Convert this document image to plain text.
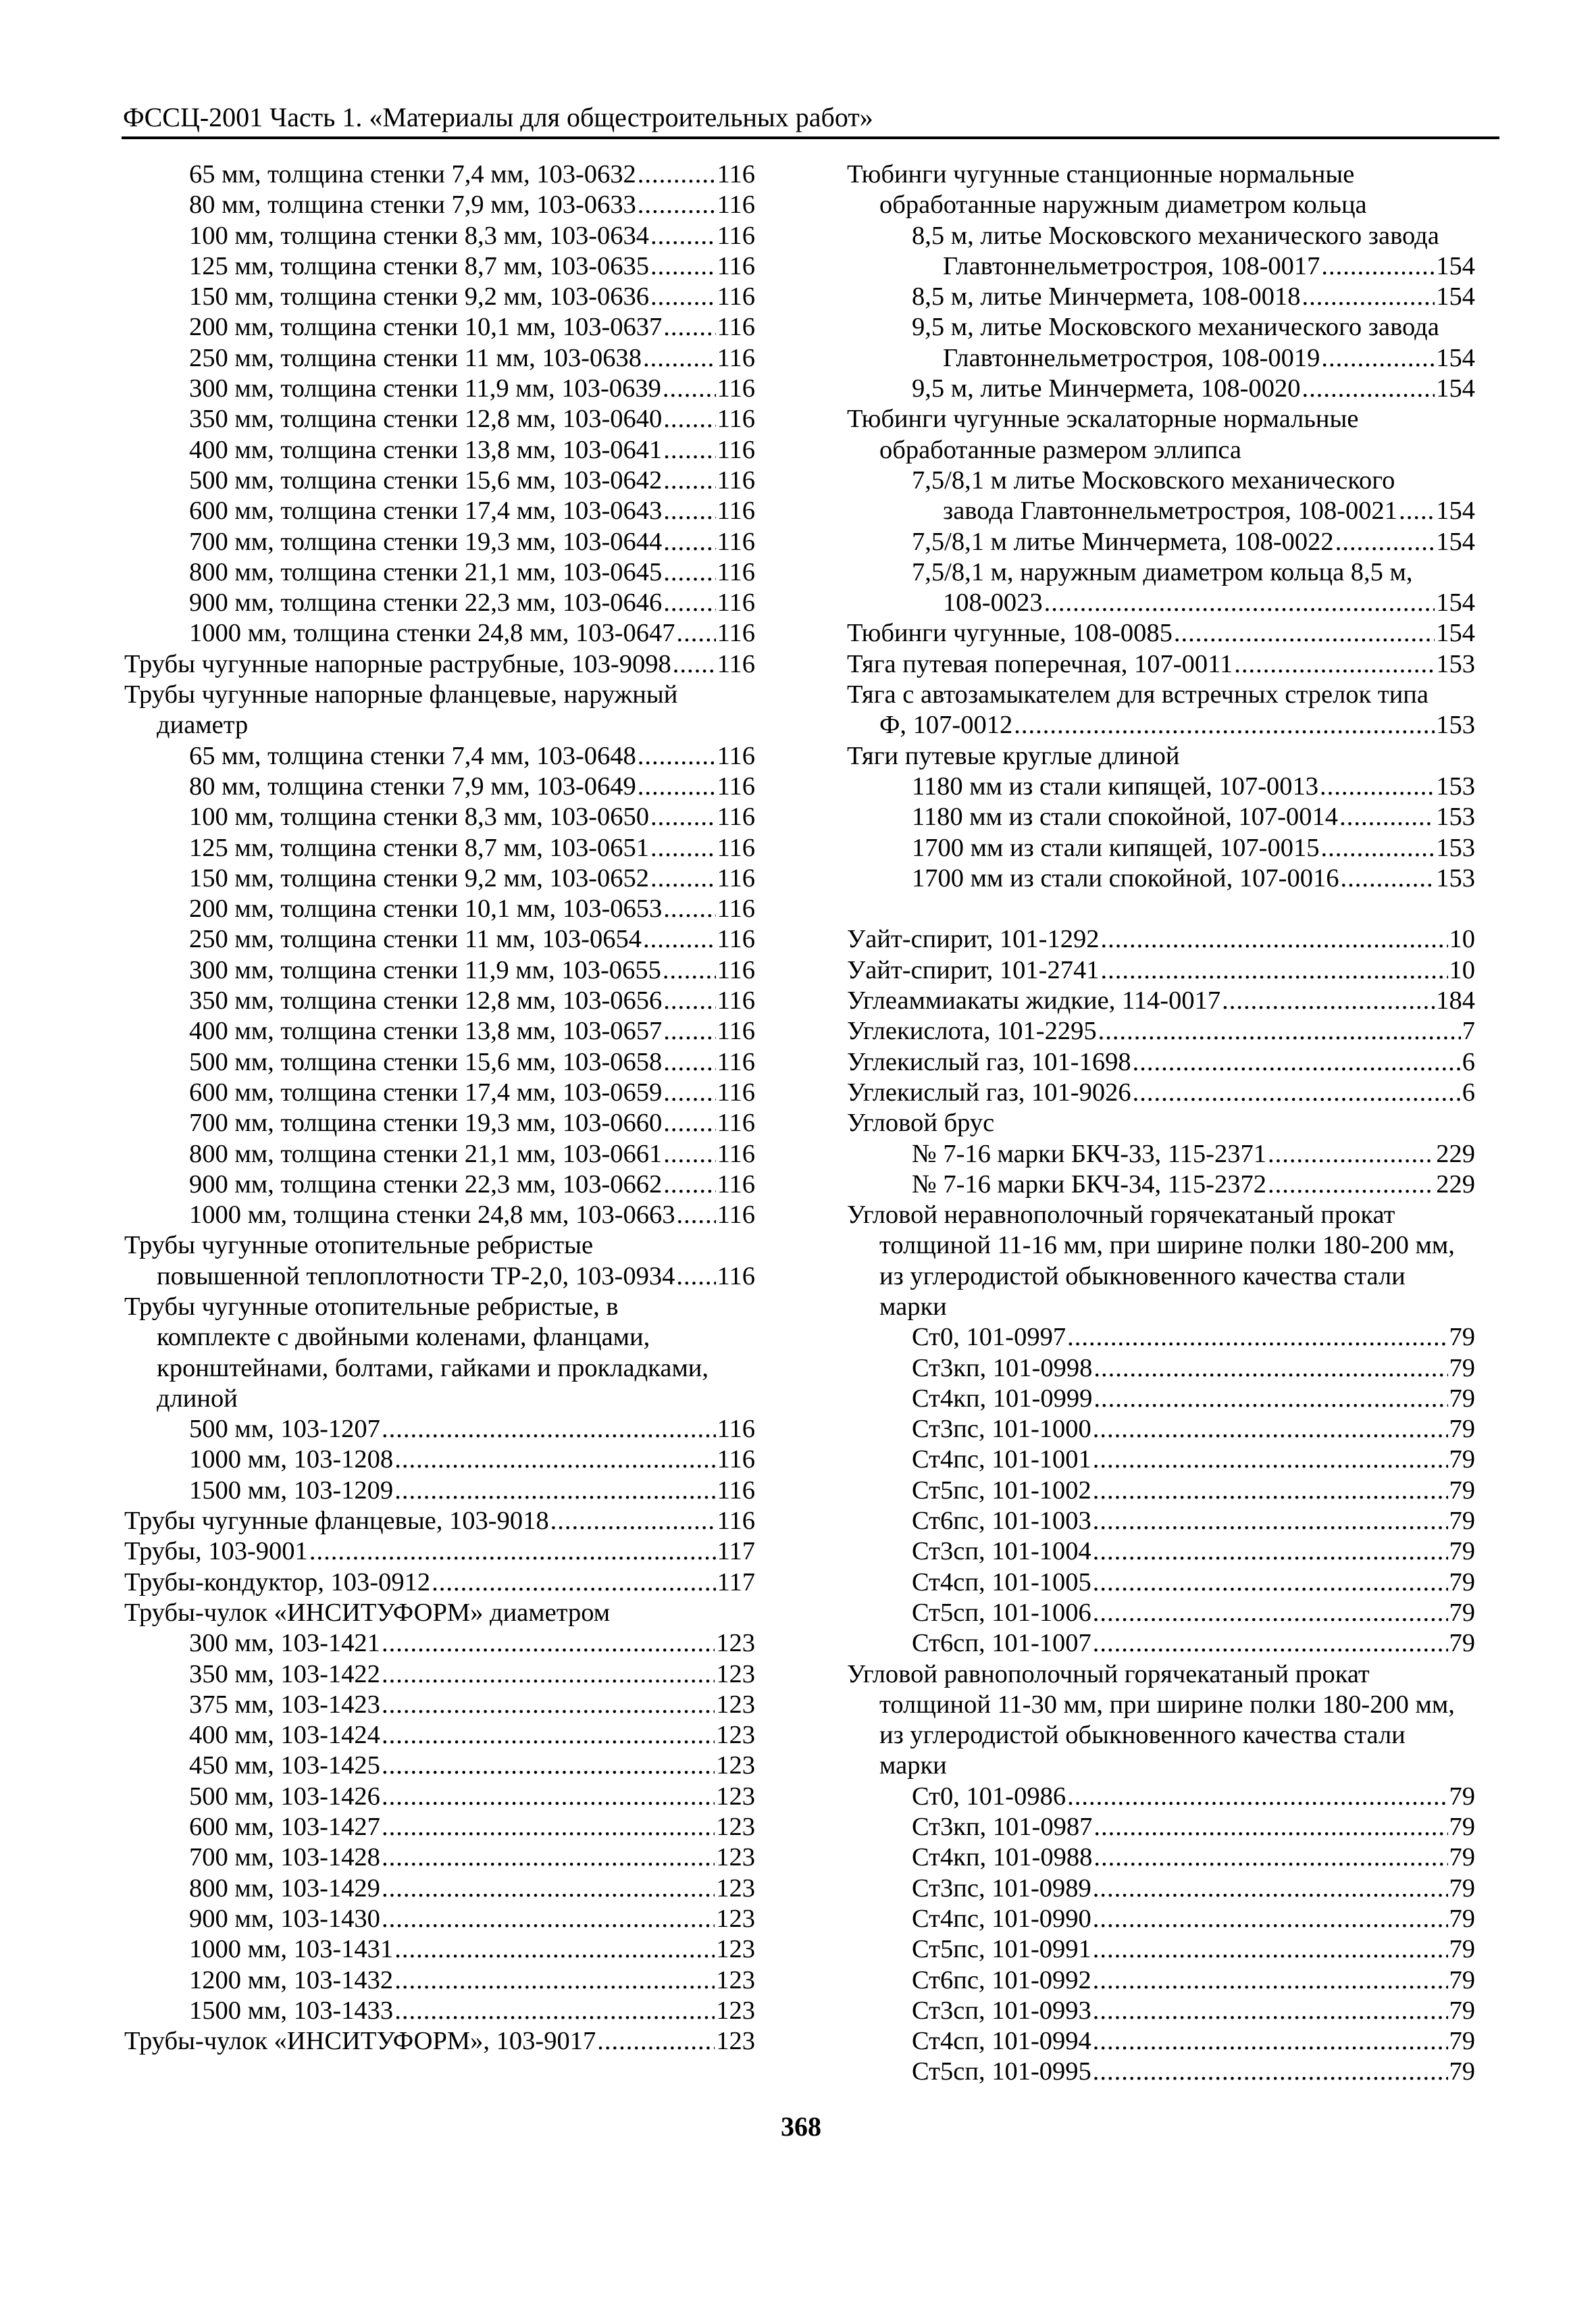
ФССЦ-2001 Часть 1. «Материалы для общестроительных работ»
65 мм, толщина стенки 7,4 мм, 103-0632 .....	116
80 мм, толщина стенки 7,9 мм, 103-0633 .....	116
100 мм, толщина стенки 8,3 мм, 103-0634 .....	116
125 мм, толщина стенки 8,7 мм, 103-0635 .....	116
150 мм, толщина стенки 9,2 мм, 103-0636 .....	116
200 мм, толщина стенки 10,1 мм, 103-0637 ..... 116
250 мм, толщина стенки 11 мм, 103-0638 .....	116
300 мм, толщина стенки 11,9 мм, 103-0639 ..... 116
350 мм, толщина стенки 12,8 мм, 103-0640 ..... 116
400 мм, толщина стенки 13,8 мм, 103-0641 ..... 116
500 мм, толщина стенки 15,6 мм, 103-0642 ..... 116
600 мм, толщина стенки 17,4 мм, 103-0643 ..... 116
700 мм, толщина стенки 19,3 мм, 103-0644 ..... 116
800 мм, толщина стенки 21,1 мм, 103-0645 ..... 116
900 мм, толщина стенки 22,3 мм, 103-0646 ..... 116
1000 мм, толщина стенки 24,8 мм, 103-0647 ..... 116
Трубы чугунные напорные раструбные, 103-9098 ..... 116
Трубы чугунные напорные фланцевые, наружный
диаметр
65 мм, толщина стенки 7,4 мм, 103-0648 .....	116
80 мм, толщина стенки 7,9 мм, 103-0649 .....	116
100 мм, толщина стенки 8,3 мм, 103-0650 .....	116
125 мм, толщина стенки 8,7 мм, 103-0651 .....	116
150 мм, толщина стенки 9,2 мм, 103-0652 .....	116
200 мм, толщина стенки 10,1 мм, 103-0653 ..... 116
250 мм, толщина стенки 11 мм, 103-0654 .....	116
300 мм, толщина стенки 11,9 мм, 103-0655 ..... 116
350 мм, толщина стенки 12,8 мм, 103-0656 ..... 116
400 мм, толщина стенки 13,8 мм, 103-0657 ..... 116
500 мм, толщина стенки 15,6 мм, 103-0658 ..... 116
600 мм, толщина стенки 17,4 мм, 103-0659 ..... 116
700 мм, толщина стенки 19,3 мм, 103-0660 ..... 116
800 мм, толщина стенки 21,1 мм, 103-0661 ..... 116
900 мм, толщина стенки 22,3 мм, 103-0662 ..... 116
1000 мм, толщина стенки 24,8 мм, 103-0663 ..... 116
Трубы чугунные отопительные ребристые
повышенной теплоплотности ТР-2,0, 103-0934 ..... 116
Трубы чугунные отопительные ребристые, в
комплекте с двойными коленами, фланцами,
кронштейнами, болтами, гайками и прокладками,
длиной
500 мм, 103-1207 .....	116
1000 мм, 103-1208 .....	116
1500 мм, 103-1209 .....	116
Трубы чугунные фланцевые, 103-9018 .....	116
Трубы, 103-9001 .....	117
Трубы-кондуктор, 103-0912 .....	117
Трубы-чулок «ИНСИТУФОРМ» диаметром
300 мм, 103-1421 .....	123
350 мм, 103-1422 .....	123
375 мм, 103-1423 .....	123
400 мм, 103-1424 .....	123
450 мм, 103-1425 .....	123
500 мм, 103-1426 .....	123
600 мм, 103-1427 .....	123
700 мм, 103-1428 .....	123
800 мм, 103-1429 .....	123
900 мм, 103-1430 .....	123
1000 мм, 103-1431 .....	123
1200 мм, 103-1432 .....	123
1500 мм, 103-1433 .....	123
Трубы-чулок «ИНСИТУФОРМ», 103-9017 .....	123
Тюбинги чугунные станционные нормальные
обработанные наружным диаметром кольца
8,5 м, литье Московского механического завода
Главтоннельметростроя, 108-0017 .....	154
8,5 м, литье Минчермета, 108-0018 .....	154
9,5 м, литье Московского механического завода
Главтоннельметростроя, 108-0019 .....	154
9,5 м, литье Минчермета, 108-0020 .....	154
Тюбинги чугунные эскалаторные нормальные
обработанные размером эллипса
7,5/8,1 м литье Московского механического
завода Главтоннельметростроя, 108-0021 ..... 154
7,5/8,1 м литье Минчермета, 108-0022 .....	154
7,5/8,1 м, наружным диаметром кольца 8,5 м,
108-0023 .....	154
Тюбинги чугунные, 108-0085 .....	154
Тяга путевая поперечная, 107-0011 .....	153
Тяга с автозамыкателем для встречных стрелок типа
Ф, 107-0012 .....	153
Тяги путевые круглые длиной
1180 мм из стали кипящей, 107-0013 .....	153
1180 мм из стали спокойной, 107-0014 .....	153
1700 мм из стали кипящей, 107-0015 .....	153
1700 мм из стали спокойной, 107-0016 .....	153
Уайт-спирит, 101-1292 .....	10
Уайт-спирит, 101-2741 .....	10
Углеаммиакаты жидкие, 114-0017 .....	184
Углекислота, 101-2295 .....	7
Углекислый газ, 101-1698 .....	6
Углекислый газ, 101-9026 .....	6
Угловой брус
№ 7-16 марки БКЧ-33, 115-2371 .....	229
№ 7-16 марки БКЧ-34, 115-2372 .....	229
Угловой неравнополочный горячекатаный прокат
толщиной 11-16 мм, при ширине полки 180-200 мм,
из углеродистой обыкновенного качества стали
марки
Ст0, 101-0997 .....	79
Ст3кп, 101-0998 .....	79
Ст4кп, 101-0999 .....	79
Ст3пс, 101-1000 .....	79
Ст4пс, 101-1001 .....	79
Ст5пс, 101-1002 .....	79
Ст6пс, 101-1003 .....	79
Ст3сп, 101-1004 .....	79
Ст4сп, 101-1005 .....	79
Ст5сп, 101-1006 .....	79
Ст6сп, 101-1007 .....	79
Угловой равнополочный горячекатаный прокат
толщиной 11-30 мм, при ширине полки 180-200 мм,
из углеродистой обыкновенного качества стали
марки
Ст0, 101-0986 .....	79
Ст3кп, 101-0987 .....	79
Ст4кп, 101-0988 .....	79
Ст3пс, 101-0989 .....	79
Ст4пс, 101-0990 .....	79
Ст5пс, 101-0991 .....	79
Ст6пс, 101-0992 .....	79
Ст3сп, 101-0993 .....	79
Ст4сп, 101-0994 .....	79
Ст5сп, 101-0995 .....	79
368
